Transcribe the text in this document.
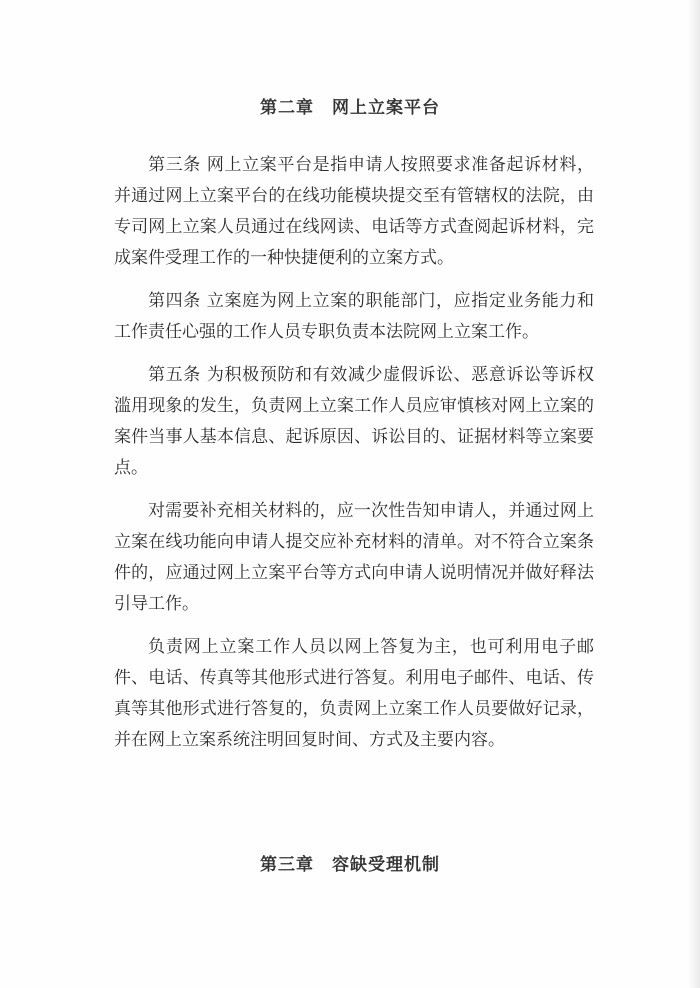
第二章　网上立案平台

第三条 网上立案平台是指申请人按照要求准备起诉材料，并通过网上立案平台的在线功能模块提交至有管辖权的法院，由专司网上立案人员通过在线网读、电话等方式查阅起诉材料，完成案件受理工作的一种快捷便利的立案方式。

第四条 立案庭为网上立案的职能部门，应指定业务能力和工作责任心强的工作人员专职负责本法院网上立案工作。

第五条 为积极预防和有效减少虚假诉讼、恶意诉讼等诉权滥用现象的发生，负责网上立案工作人员应审慎核对网上立案的案件当事人基本信息、起诉原因、诉讼目的、证据材料等立案要点。

对需要补充相关材料的，应一次性告知申请人，并通过网上立案在线功能向申请人提交应补充材料的清单。对不符合立案条件的，应通过网上立案平台等方式向申请人说明情况并做好释法引导工作。

负责网上立案工作人员以网上答复为主，也可利用电子邮件、电话、传真等其他形式进行答复。利用电子邮件、电话、传真等其他形式进行答复的，负责网上立案工作人员要做好记录，并在网上立案系统注明回复时间、方式及主要内容。

第三章　容缺受理机制
